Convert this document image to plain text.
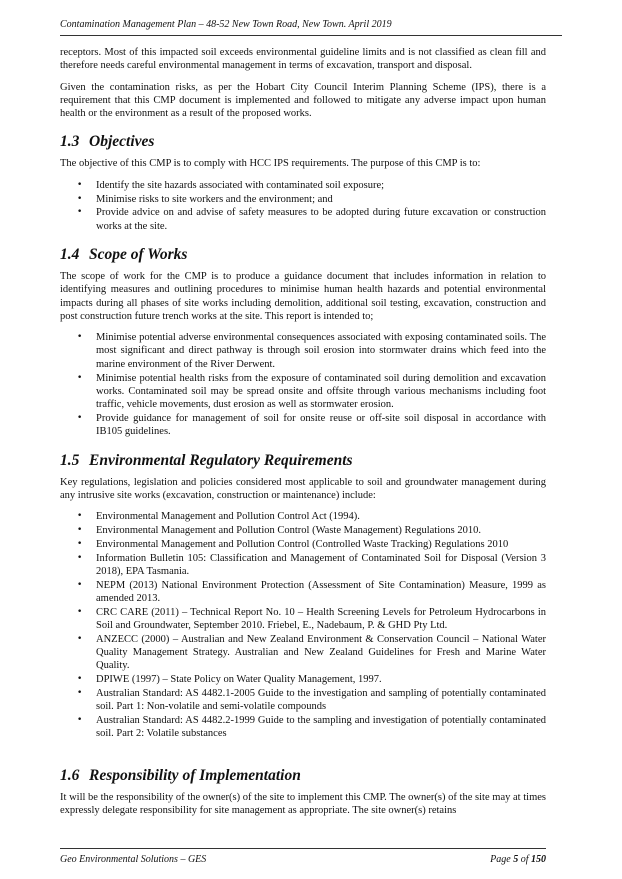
Contamination Management Plan – 48-52 New Town Road, New Town. April 2019

receptors. Most of this impacted soil exceeds environmental guideline limits and is not classified as clean fill and therefore needs careful environmental management in terms of excavation, transport and disposal.

Given the contamination risks, as per the Hobart City Council Interim Planning Scheme (IPS), there is a requirement that this CMP document is implemented and followed to mitigate any adverse impact upon human health or the environment as a result of the proposed works.

1.3 Objectives

The objective of this CMP is to comply with HCC IPS requirements. The purpose of this CMP is to:

• Identify the site hazards associated with contaminated soil exposure;
• Minimise risks to site workers and the environment; and
• Provide advice on and advise of safety measures to be adopted during future excavation or construction works at the site.
1.4 Scope of Works

The scope of work for the CMP is to produce a guidance document that includes information in relation to identifying measures and outlining procedures to minimise human health hazards and potential environmental impacts during all phases of site works including demolition, additional soil testing, excavation, construction and post construction future trench works at the site. This report is intended to;

• Minimise potential adverse environmental consequences associated with exposing contaminated soils. The most significant and direct pathway is through soil erosion into stormwater drains which feed into the marine environment of the River Derwent.
• Minimise potential health risks from the exposure of contaminated soil during demolition and excavation works. Contaminated soil may be spread onsite and offsite through various mechanisms including foot traffic, vehicle movements, dust erosion as well as stormwater erosion.
• Provide guidance for management of soil for onsite reuse or off-site soil disposal in accordance with IB105 guidelines.
1.5 Environmental Regulatory Requirements

Key regulations, legislation and policies considered most applicable to soil and groundwater management during any intrusive site works (excavation, construction or maintenance) include:

• Environmental Management and Pollution Control Act (1994).
• Environmental Management and Pollution Control (Waste Management) Regulations 2010.
• Environmental Management and Pollution Control (Controlled Waste Tracking) Regulations 2010
• Information Bulletin 105: Classification and Management of Contaminated Soil for Disposal (Version 3 2018), EPA Tasmania.
• NEPM (2013) National Environment Protection (Assessment of Site Contamination) Measure, 1999 as amended 2013.
• CRC CARE (2011) – Technical Report No. 10 – Health Screening Levels for Petroleum Hydrocarbons in Soil and Groundwater, September 2010. Friebel, E., Nadebaum, P. & GHD Pty Ltd.
• ANZECC (2000) – Australian and New Zealand Environment & Conservation Council – National Water Quality Management Strategy. Australian and New Zealand Guidelines for Fresh and Marine Water Quality.
• DPIWE (1997) – State Policy on Water Quality Management, 1997.
• Australian Standard: AS 4482.1-2005 Guide to the investigation and sampling of potentially contaminated soil. Part 1: Non-volatile and semi-volatile compounds
• Australian Standard: AS 4482.2-1999 Guide to the sampling and investigation of potentially contaminated soil. Part 2: Volatile substances
1.6 Responsibility of Implementation

It will be the responsibility of the owner(s) of the site to implement this CMP. The owner(s) of the site may at times expressly delegate responsibility for site management as appropriate. The site owner(s) retains

Geo Environmental Solutions – GES	Page 5 of 150
